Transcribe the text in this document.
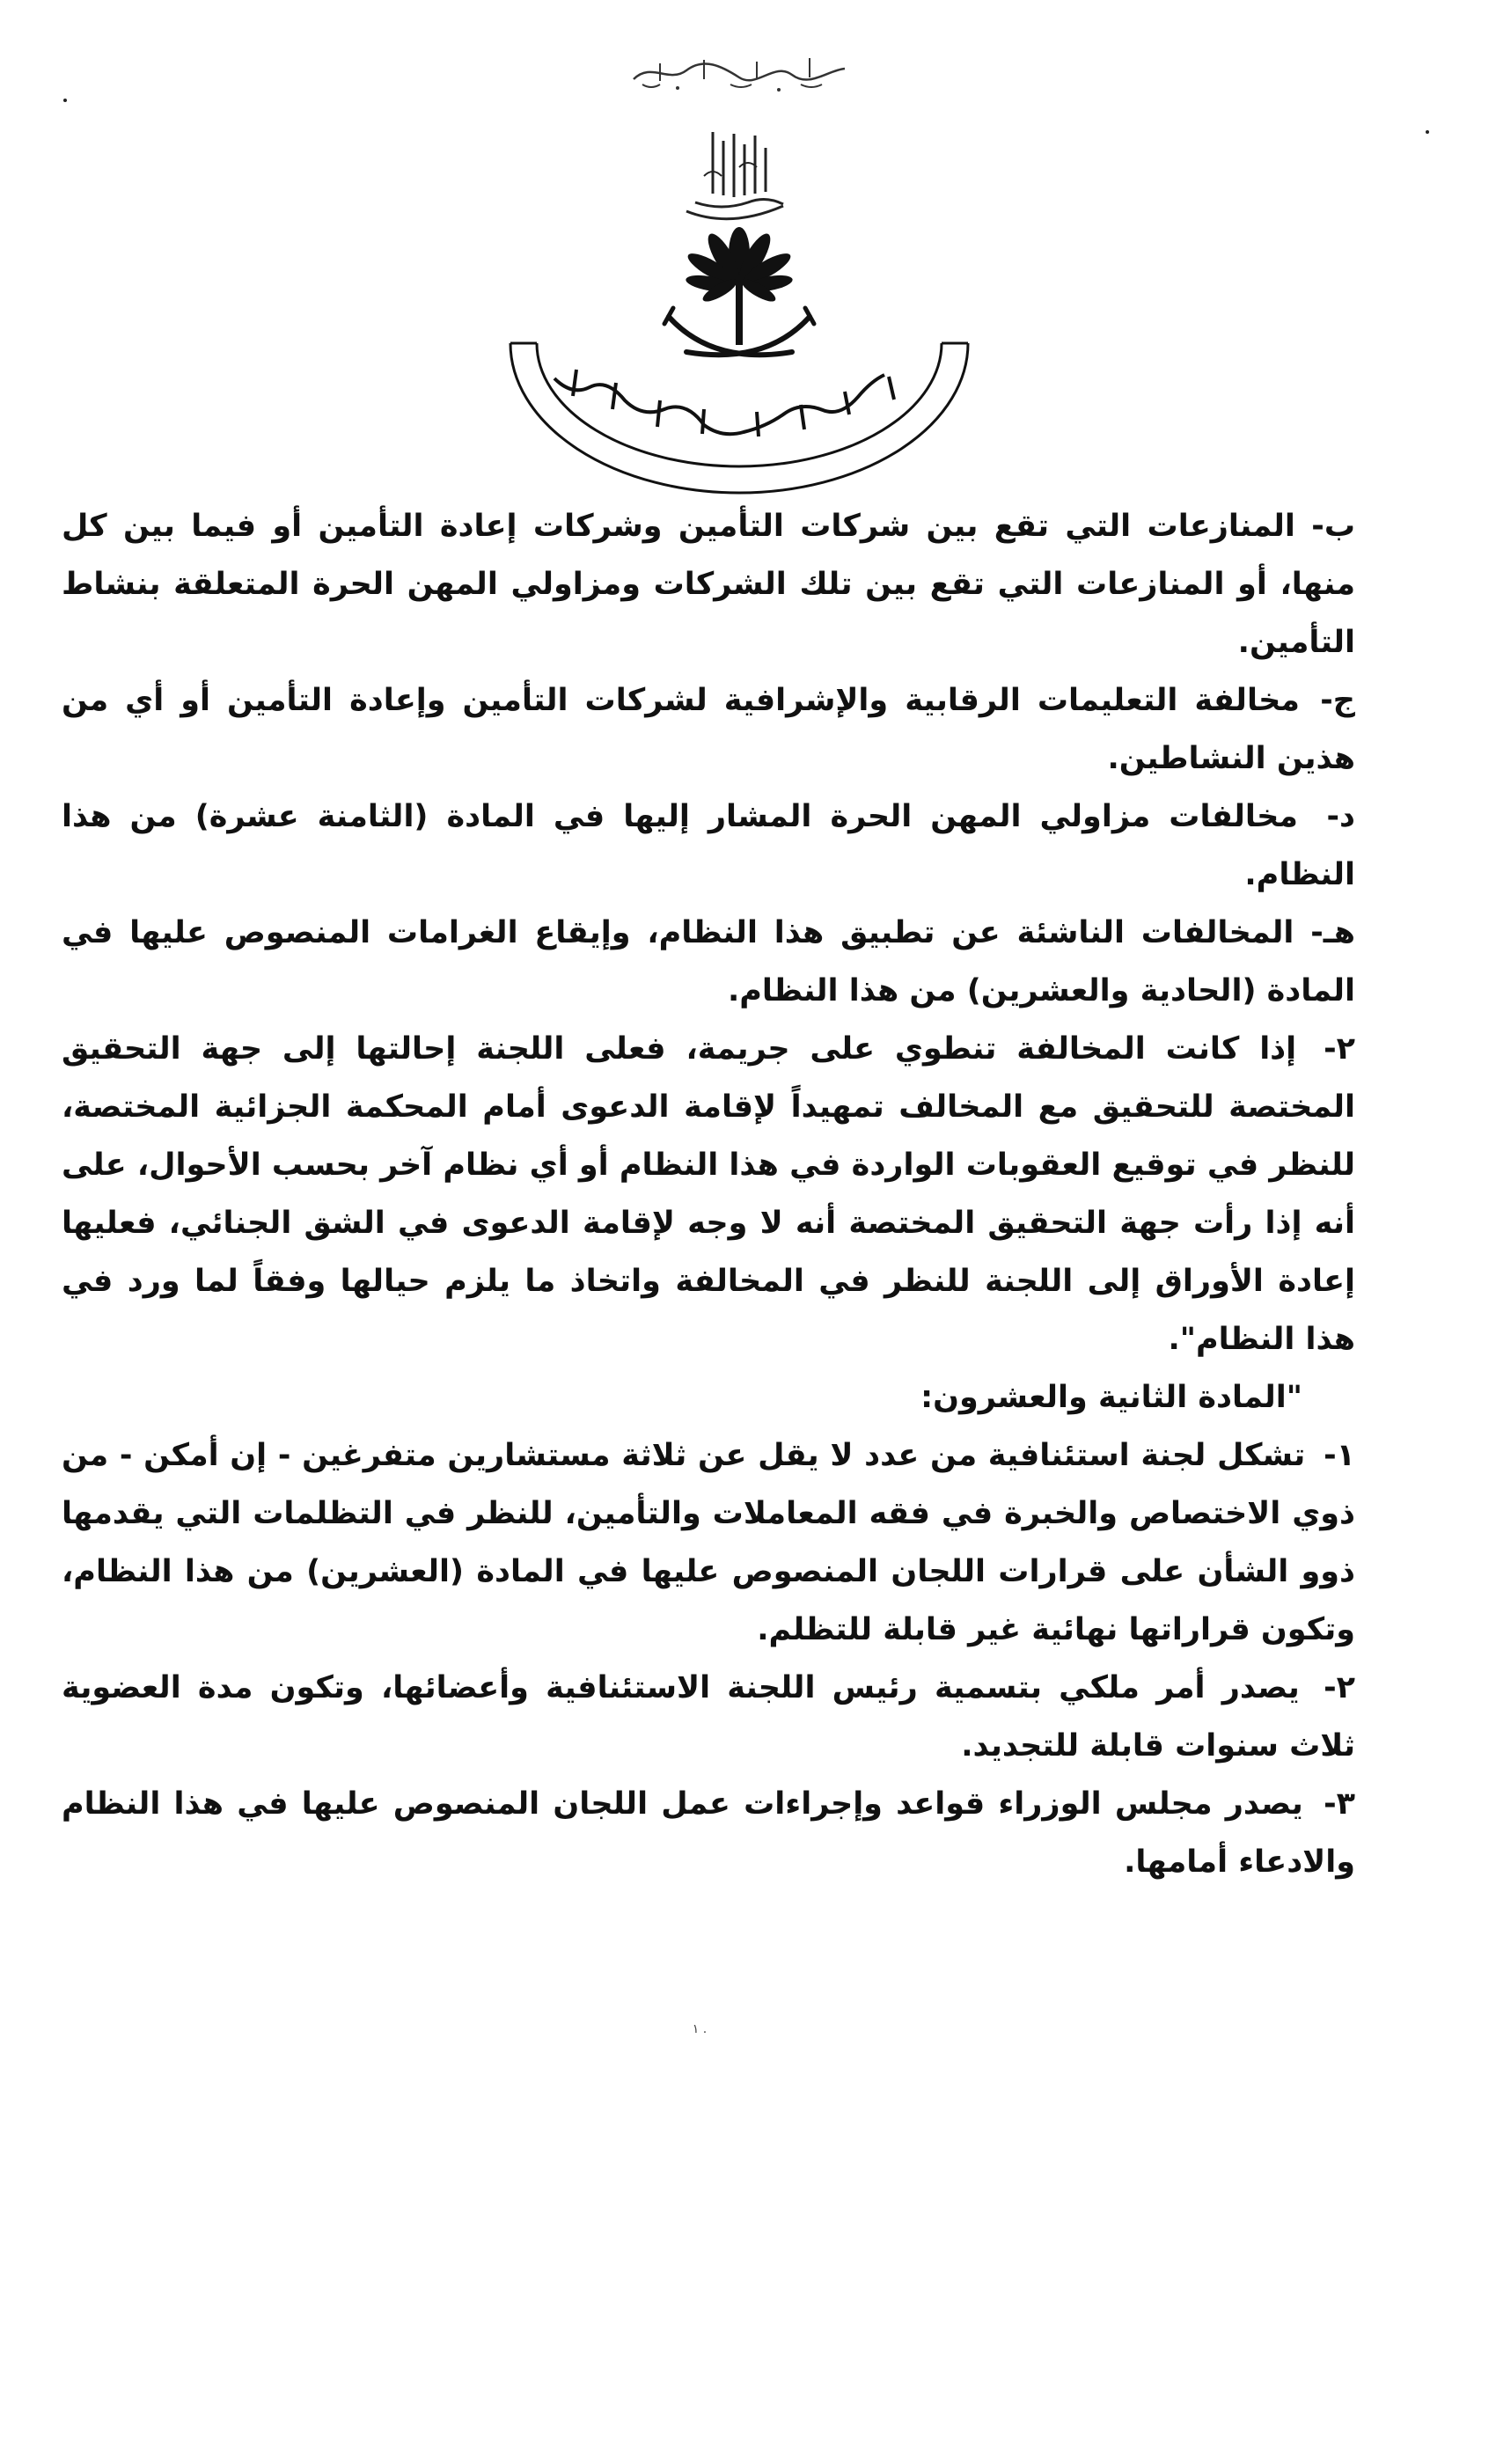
ب- المنازعات التي تقع بين شركات التأمين وشركات إعادة التأمين أو فيما بين كل منها، أو المنازعات التي تقع بين تلك الشركات ومزاولي المهن الحرة المتعلقة بنشاط التأمين.
ج- مخالفة التعليمات الرقابية والإشرافية لشركات التأمين وإعادة التأمين أو أي من هذين النشاطين.
د- مخالفات مزاولي المهن الحرة المشار إليها في المادة (الثامنة عشرة) من هذا النظام.
هـ- المخالفات الناشئة عن تطبيق هذا النظام، وإيقاع الغرامات المنصوص عليها في المادة (الحادية والعشرين) من هذا النظام.
٢- إذا كانت المخالفة تنطوي على جريمة، فعلى اللجنة إحالتها إلى جهة التحقيق المختصة للتحقيق مع المخالف تمهيداً لإقامة الدعوى أمام المحكمة الجزائية المختصة، للنظر في توقيع العقوبات الواردة في هذا النظام أو أي نظام آخر بحسب الأحوال، على أنه إذا رأت جهة التحقيق المختصة أنه لا وجه لإقامة الدعوى في الشق الجنائي، فعليها إعادة الأوراق إلى اللجنة للنظر في المخالفة واتخاذ ما يلزم حيالها وفقاً لما ورد في هذا النظام".
"المادة الثانية والعشرون:
١- تشكل لجنة استئنافية من عدد لا يقل عن ثلاثة مستشارين متفرغين - إن أمكن - من ذوي الاختصاص والخبرة في فقه المعاملات والتأمين، للنظر في التظلمات التي يقدمها ذوو الشأن على قرارات اللجان المنصوص عليها في المادة (العشرين) من هذا النظام، وتكون قراراتها نهائية غير قابلة للتظلم.
٢- يصدر أمر ملكي بتسمية رئيس اللجنة الاستئنافية وأعضائها، وتكون مدة العضوية ثلاث سنوات قابلة للتجديد.
٣- يصدر مجلس الوزراء قواعد وإجراءات عمل اللجان المنصوص عليها في هذا النظام والادعاء أمامها.
١ .
